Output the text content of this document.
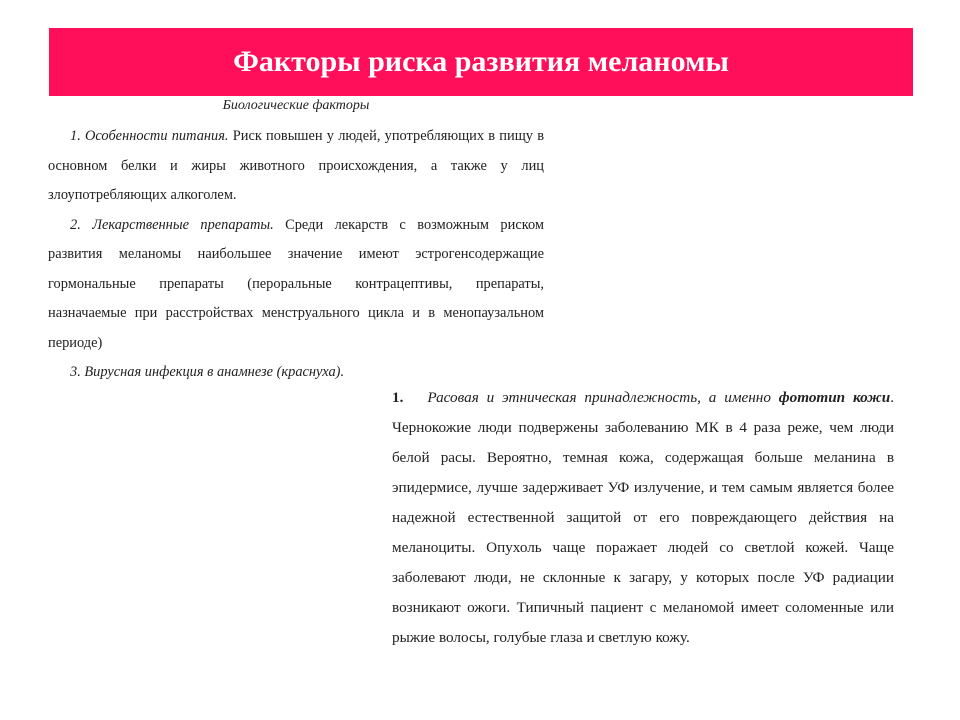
Факторы риска развития меланомы

Биологические факторы

1. Особенности питания. Риск повышен у людей, употребляющих в пищу в основном белки и жиры животного происхождения, а также у лиц злоупотребляющих алкоголем.

2. Лекарственные препараты. Среди лекарств с возможным риском развития меланомы наибольшее значение имеют эстрогенсодержащие гормональные препараты (пероральные контрацептивы, препараты, назначаемые при расстройствах менструального цикла и в менопаузальном периоде)

3. Вирусная инфекция в анамнезе (краснуха).

1. Расовая и этническая принадлежность, а именно фототип кожи. Чернокожие люди подвержены заболеванию МК в 4 раза реже, чем люди белой расы. Вероятно, темная кожа, содержащая больше меланина в эпидермисе, лучше задерживает УФ излучение, и тем самым является более надежной естественной защитой от его повреждающего действия на меланоциты. Опухоль чаще поражает людей со светлой кожей. Чаще заболевают люди, не склонные к загару, у которых после УФ радиации возникают ожоги. Типичный пациент с меланомой имеет соломенные или рыжие волосы, голубые глаза и светлую кожу.
